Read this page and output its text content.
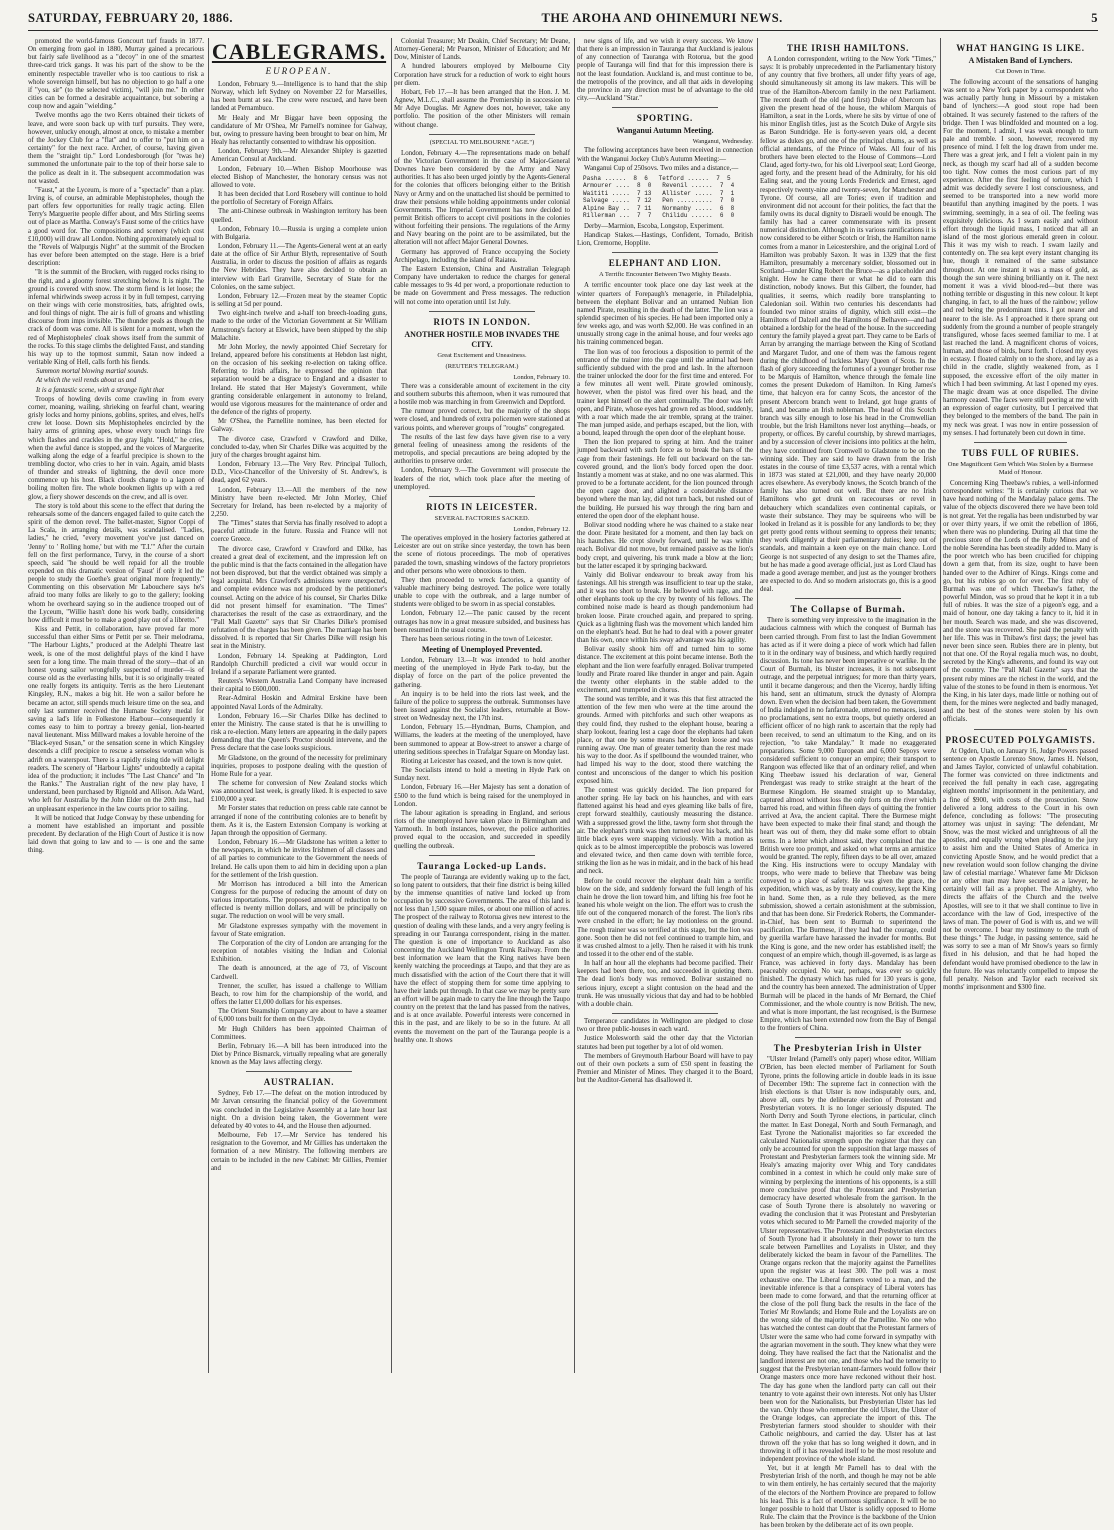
SATURDAY, FEBRUARY 20, 1886.	THE AROHA AND OHINEMURI NEWS.	5

promoted the world-famous Goncourt turf frauds in 1877. On emerging from gaol in 1880, Murray gained a precarious but fairly safe livelihood as a "decoy" in one of the smartest three-card trick gangs. It was his part of the show to be the eminently respectable traveller who is too cautious to risk a whole sovereign himself, but has no objection to go half a one if "you, sir" (to the selected victim), "will join me." In other cities can be formed a desirable acquaintance, but sobering a coup now and again "wielding."

Twelve months ago the two Kerrs obtained their tickets of leave, and were soon back up with turf pursuits. They were, however, unlucky enough, almost at once, to mistake a member of the Jockey Club for a "flat" and to offer to "put him on a certainty" for the next race. Archer, of course, having given them the "straight tip." Lord Londesborough (for "twas he) summoned the unfortunate pair to the top of their horse sale to the police as dealt in it. The subsequent accommodation was not wasted.

"Faust," at the Lyceum, is more of a "spectacle" than a play. Irving is, of course, an admirable Mephistopheles, though the part offers few opportunities for really tragic acting. Ellen Terry's Marguerite people differ about, and Mrs Stirling seems out of place as Martha. Conway's Faust some of the critics have a good word for. The compositions and scenery (which cost £10,000) will draw all London. Nothing approximately equal to the "Revels of Walpurgis Night" at the summit of the Brocken has ever before been attempted on the stage. Here is a brief description:

"It is the summit of the Brocken, with rugged rocks rising to the right, and a gloomy forest stretching below. It is night. The ground is covered with snow. The storm fiend is let loose; the infernal whirlwinds sweep across it by in full tempest, carrying on their wings with cerie monstrosities, bats, afrighted owls, and foul things of night. The air is full of groans and whistling discourse from imps invisible. The thunder peals as though the crack of doom was come. All is silent for a moment, when the red of Mephistopheles' cloak shows itself from the summit of the rocks. To this stage climbs the delighted Faust, and standing his way up to the topmost summit, Satan now indeed a veritable King of Hell, calls forth his fiends.

Summon mortal blowing martial sounds.

At which the veil rends about us and

It is a fantastic scene, with a strange light that

Troops of howling devils come crawling in from every corner, moaning, wailing, shrieking on fearful chant, wearing grisly locks and horny pinions, goblins, sprites, and elves, hell's crew let loose. Down sits Mephistopheles encircled by the hairy arms of grinning apes, whose every touch brings fire which flashes and crackles in the gray light. "Hold," he cries, when the awful dance is stopped, and the voices of Marguerite walking along the edge of a fearful precipice is shown to the trembling doctor, who cries to her in vain. Again, amid blasts of thunder and streaks of lightning, the devil once more commence up his host. Black clouds change to a lagoon of boiling molten fire. The whole bookmen lights up with a red glow, a fiery shower descends on the crew, and all is over.

The story is told about this scene to the effect that during the rehearsals some of the dancers engaged failed to quite catch the spirit of the demon revel. The ballet-master, Signor Coppi of La Scala, in arranging details, was scandalised. "Ladies, ladies," he cried, "every movement you've just danced on 'Jenny' to ' Rolling home,' but with me 'T.I.'" After the curtain fell on the first performance, Turvy, in the course of a short speech, said "he should be well repaid for all the trouble expended on this dramatic version of 'Faust' if only it led the people to study the Goethe's great original more frequently." Commenting on this observation Mr Labouchere says he's afraid too many folks are likely to go to the gallery; looking whom he overheard saying so in the audience trooped out of the Lyceum, "Willie hasn't done his work badly, considering how difficult it must be to make a good play out of a libretto."

Kiss and Pettit, in collaboration, have proved far more successful than either Sims or Pettit per se. Their melodrama, "The Harbour Lights," produced at the Adelphi Theatre last week, is one of the most delightful plays of the kind I have seen for a long time. The main thread of the story—that of an honest young sailor wrongfully suspected of murder—is of course old as the everlasting hills, but it is so originally treated one really forgets its antiquity. Terris as the hero Lieutenant Kingsley, R.N., makes a big hit. He won a sailor before he became an actor, still spends much leisure time on the sea, and only last summer received the Humane Society medal for saving a lad's life in Folkestone Harbour—consequently it comes easy to him to portray a breezy genial, lion-hearted naval lieutenant. Miss Millward makes a lovable heroine of the "Black-eyed Susan," or the sensation scene in which Kingsley descends a cliff precipice to rescue a senseless woman who is adrift on a waterspout. There is a rapidly rising tide will delight readers. The scenery of "Harbour Lights" undoubtedly a capital idea of the production; it includes "The Last Chance" and "In the Ranks." The Australian right of the new play have, I understand, been purchased by Rignold and Allison. Ada Ward, who left for Australia by the John Elder on the 20th inst., had an unpleasant experience in the law courts prior to sailing.

It will be noticed that Judge Conway by these unbending for a moment have established an important and possible precedent. By declaration of the High Court of Justice it is now laid down that going to law and to — is one and the same thing.

CABLEGRAMS.
EUROPEAN.

London, February 9.—Intelligence is to hand that the ship Norway, which left Sydney on November 22 for Marseilles, has been burnt at sea. The crew were rescued, and have been landed at Pernambuco.

Mr Healy and Mr Biggar have been opposing the candidature of Mr O'Shea, Mr Parnell's nominee for Galway, but, owing to pressure having been brought to bear on him, Mr Healy has reluctantly consented to withdraw his opposition.

London, February 9th.—Mr Alexander Shipley is gazetted American Consul at Auckland.

London, February 10.—When Bishop Moorhouse was elected Bishop of Manchester, the honorary census was not allowed to vote.

It has been decided that Lord Rosebery will continue to hold the portfolio of Secretary of Foreign Affairs.

The anti-Chinese outbreak in Washington territory has been quelled.

London, February 10.—Russia is urging a complete union with Bulgaria.

London, February 11.—The Agents-General went at an early date at the office of Sir Arthur Blyth, representative of South Australia, in order to discuss the position of affairs as regards the New Hebrides. They have also decided to obtain an interview with Earl Granville, Secretary of State for the Colonies, on the same subject.

London, February 12.—Frozen meat by the steamer Coptic is selling at 5d per pound.

Two eight-inch twelve and a-half ton breech-loading guns, made to the order of the Victorian Government at Sir William Armstrong's factory at Elswick, have been shipped by the ship Malachite.

Mr John Morley, the newly appointed Chief Secretary for Ireland, appeared before his constituents at Hebdon last night, on the occasion of his seeking re-election on taking office. Referring to Irish affairs, he expressed the opinion that separation would be a disgrace to England and a disaster to Ireland. He stated that Her Majesty's Government, while granting considerable enlargement in autonomy to Ireland, would use vigorous measures for the maintenance of order and the defence of the rights of property.

Mr O'Shea, the Parnellite nominee, has been elected for Galway.

The divorce case, Crawford v Crawford and Dilke, concluded to-day, when Sir Charles Dilke was acquitted by the jury of the charges brought against him.

London, February 13.—The Very Rev. Principal Tulloch, D.D., Vice-Chancellor of the University of St. Andrew's, is dead, aged 62 years.

London, February 13.—All the members of the new Ministry have been re-elected. Mr John Morley, Chief Secretary for Ireland, has been re-elected by a majority of 2,250.

The "Times" states that Servia has finally resolved to adopt a peaceful attitude in the future. Russia and France will not coerce Greece.

The divorce case, Crawford v Crawford and Dilke, has created a great deal of excitement, and the impression left on the public mind is that the facts contained in the allegation have not been disproved, but that the verdict obtained was simply a legal acquittal. Mrs Crawford's admissions were unexpected, and complete evidence was not produced by the petitioner's counsel. Acting on the advice of his counsel, Sir Charles Dilke did not present himself for examination. "The Times" characterises the result of the case as extraordinary, and the "Pall Mall Gazette" says that Sir Charles Dilke's promised refutation of the charges has been given. The marriage has been dissolved. It is reported that Sir Charles Dilke will resign his seat in the Ministry.

London, February 14. Speaking at Paddington, Lord Randolph Churchill predicted a civil war would occur in Ireland if a separate Parliament were granted.

Reuters's Western Australia Land Company have increased their capital to £600,000.

Rear-Admiral Hoskin and Admiral Erskine have been appointed Naval Lords of the Admiralty.

London, February 16.—Sir Charles Dilke has declined to enter the Ministry. The cause stated is that he is unwilling to risk a re-election. Many letters are appearing in the daily papers demanding that the Queen's Proctor should intervene, and the Press declare that the case looks suspicious.

Mr Gladstone, on the ground of the necessity for preliminary inquiries, proposes to postpone dealing with the question of Home Rule for a year.

The scheme for conversion of New Zealand stocks which was announced last week, is greatly liked. It is expected to save £100,000 a year.

Mr Forster states that reduction on press cable rate cannot be arranged if none of the contributing colonies are to benefit by them. As it is, the Eastern Extension Company is working at Japan through the opposition of Germany.

London, February 16.—Mr Gladstone has written a letter to the newspapers, in which he invites Irishmen of all classes and of all parties to communicate to the Government the needs of Ireland. He calls upon them to aid him in deciding upon a plan for the settlement of the Irish question.

Mr Morrison has introduced a bill into the American Congress for the purpose of reducing the amount of duty on various importations. The proposed amount of reduction to be effected is twenty million dollars, and will be principally on sugar. The reduction on wool will be very small.

Mr Gladstone expresses sympathy with the movement in favour of State emigration.

The Corporation of the city of London are arranging for the reception of notables visiting the Indian and Colonial Exhibition.

The death is announced, at the age of 73, of Viscount Cardwell.

Trenner, the sculler, has issued a challenge to William Beach, to row him for the championship of the world, and offers the latter £1,000 dollars for his expenses.

The Orient Steamship Company are about to have a steamer of 6,000 tons built for them on the Clyde.

Mr Hugh Childers has been appointed Chairman of Committees.

Berlin, February 16.—A bill has been introduced into the Diet by Prince Bismarck, virtually repealing what are generally known as the May laws affecting clergy.

AUSTRALIAN.

Sydney, Feb 17.—The defeat on the motion introduced by Mr Jarvan censuring the financial policy of the Government was concluded in the Legislative Assembly at a late hour last night. On a division being taken, the Government were defeated by 40 votes to 44, and the House then adjourned.

Melbourne, Feb 17.—Mr Service has tendered his resignation to the Governor, and Mr Gillies has undertaken the formation of a new Ministry. The following members are certain to be included in the new Cabinet: Mr Gillies, Premier and

Colonial Treasurer; Mr Deakin, Chief Secretary; Mr Deane, Attorney-General; Mr Pearson, Minister of Education; and Mr Dow, Minister of Lands.

A hundred labourers employed by Melbourne City Corporation have struck for a reduction of work to eight hours per diem.

Hobart, Feb 17.—It has been arranged that the Hon. J. M. Agnew, M.L.C., shall assume the Premiership in succession to Mr Adye Douglas. Mr Agnew does not, however, take any portfolio. The position of the other Ministers will remain without change.

(SPECIAL TO MELBOURNE "AGE.")

London, February 4.—The representations made on behalf of the Victorian Government in the case of Major-General Downes have been considered by the Army and Navy authorities. It has also been urged jointly by the Agents-General for the colonies that officers belonging either to the British Navy or Army and on the unattached list should be permitted to draw their pensions while holding appointments under colonial Governments. The Imperial Government has now decided to permit British officers to accept civil positions in the colonies without forfeiting their pensions. The regulations of the Army and Navy bearing on the point are to be assimilated, but the alteration will not affect Major General Downes.

Germany has approved of France occupying the Society Archipelago, including the island of Raiatea.

The Eastern Extension, China and Australian Telegraph Company have undertaken to reduce the charges for general cable messages to 9s 4d per word, a proportionate reduction to be made on Government and Press messages. The reduction will not come into operation until 1st July.

RIOTS IN LONDON.
ANOTHER HOSTILE MOB INVADES THE CITY.
Great Excitement and Uneasiness.
(REUTER'S TELEGRAM.)
London, February 10.

There was a considerable amount of excitement in the city and southern suburbs this afternoon, when it was rumoured that a hostile mob was marching in from Greenwich and Deptford.

The rumour proved correct, but the majority of the shops were closed, and hundreds of extra policemen were stationed at various points, and wherever groups of "roughs" congregated.

The results of the last few days have given rise to a very general feeling of uneasiness among the residents of the metropolis, and special precautions are being adopted by the authorities to preserve order.

London, February 9.—The Government will prosecute the leaders of the riot, which took place after the meeting of unemployed.

RIOTS IN LEICESTER.
SEVERAL FACTORIES SACKED.
London, February 12.

The operatives employed in the hosiery factories gathered at Leicester are out on strike since yesterday, the town has been the scene of riotous proceedings. The mob of operatives paraded the town, smashing windows of the factory proprietors and other persons who were obnoxious to them.

They then proceeded to wreck factories, a quantity of valuable machinery being destroyed. The police were totally unable to cope with the outbreak, and a large number of students were obliged to be sworn in as special constables.

London, February 12.—The panic caused by the recent outrages has now in a great measure subsided, and business has been resumed in the usual course.

There has been serious rioting in the town of Leicester.

Meeting of Unemployed Prevented.

London, February 13.—It was intended to hold another meeting of the unemployed in Hyde Park to-day, but the display of force on the part of the police prevented the gathering.

An inquiry is to be held into the riots last week, and the failure of the police to suppress the outbreak. Summonses have been issued against the Socialist leaders, returnable at Bow-street on Wednesday next, the 17th inst.

London, February 15.—Hyndman, Burns, Champion, and Williams, the leaders at the meeting of the unemployed, have been summoned to appear at Bow-street to answer a charge of uttering seditious speeches in Trafalgar Square on Monday last.

Rioting at Leicester has ceased, and the town is now quiet.

The Socialists intend to hold a meeting in Hyde Park on Sunday next.

London, February 16.—Her Majesty has sent a donation of £500 to the fund which is being raised for the unemployed in London.

The labour agitation is spreading in England, and serious riots of the unemployed have taken place in Birmingham and Yarmouth. In both instances, however, the police authorities proved equal to the occasion, and succeeded in speedily quelling the outbreak.

Tauranga Locked-up Lands.

The people of Tauranga are evidently waking up to the fact, so long patent to outsiders, that their fine district is being killed by the immense quantities of native land locked up from occupation by successive Governments. The area of this land is not less than 1,500 square miles, or about one million of acres. The prospect of the railway to Rotorua gives new interest to the question of dealing with these lands, and a very angry feeling is spreading in our Tauranga correspondent, rising in the matter. The question is one of importance to Auckland as also concerning the Auckland Wellington Trunk Railway. From the best information we learn that the King natives have been keenly watching the proceedings at Taupo, and that they are as much dissatisfied with the action of the Court there that it will have the effect of stopping them for some time applying to have their lands put through. In that case we may be pretty sure an effort will be again made to carry the line through the Taupo country on the pretext that the land has passed from the natives, and is at once available. Powerful interests were concerned in this in the past, and are likely to be so in the future. At all events the movement on the part of the Tauranga people is a healthy one. It shows

new signs of life, and we wish it every success. We know that there is an impression in Tauranga that Auckland is jealous of any connection of Tauranga with Rotorua, but the good people of Tauranga will find that for this impression there is not the least foundation. Auckland is, and must continue to be, the metropolis of the province, and all that aids in developing the province in any direction must be of advantage to the old city.—Auckland "Star."

SPORTING.
Wanganui Autumn Meeting.
Wanganui, Wednesday.

The following acceptances have been received in connection with the Wanganui Jockey Club's Autumn Meeting:—

Wanganui Cup of 250sovs. Two miles and a distance,—

Pasha ......  8  6   Tetford ......  7  5
Armourer ....  8  0   Revenil ......  7  4
Waititi .....  7 13   Allister .....  7  1
Salvage .....  7 12   Pen ..........  7  0
Alpine Bay ..  7 11   Normanby .....  6  8
Rillerman ...  7  7   Chilidu ......  6  0

Derby—Marmion, Escoba, Longstop, Experiment.

Handicap Stakes.—Hastings, Confident, Tornado, British Lion, Cremorne, Hopplite.

ELEPHANT AND LION.
A Terrific Encounter Between Two Mighty Beasts.

A terrific encounter took place one day last week at the winter quarters of Forepaugh's menagerie, in Philadelphia, between the elephant Bolivar and an untamed Nubian lion named Pirate, resulting in the death of the latter. The lion was a splendid specimen of his species. He had been imported only a few weeks ago, and was worth $2,000. He was confined in an unusually strong cage in the animal house, and four weeks ago his training commenced began.

The lion was of too ferocious a disposition to permit of the entrance of the trainer into the cage until the animal had been sufficiently subdued with the prod and lash. In the afternoon the trainer unlocked the door for the first time and entered. For a few minutes all went well. Pirate growled ominously, however, when the pistol was fired over his head, and the trainer kept himself on the alert continually. The door was left open, and Pirate, whose eyes had grown red as blood, suddenly, with a roar which made the air tremble, sprang at the trainer. The man jumped aside, and perhaps escaped, but the lion, with a bound, leaped through the open door of the elephant house.

Then the lion prepared to spring at him. And the trainer jumped backward with such force as to break the bars of the cage from their fastenings. He fell out backward on the tan-covered ground, and the lion's body forced open the door. Instantly a moment was at stake, and no one was alarmed. This proved to be a fortunate accident, for the lion pounced through the open cage door, and alighted a considerable distance beyond where the man lay, did not turn back, but rushed out of the building. He pursued his way through the ring barn and entered the open door of the elephant house.

Bolivar stood nodding where he was chained to a stake near the door. Pirate hesitated for a moment, and then lay back on his haunches. He crept slowly forward, until he was within reach. Bolivar did not move, but remained passive as the lion's body crept, and quivering, his trunk made a blow at the lion; but the latter escaped it by springing backward.

Vainly did Bolivar endeavour to break away from his fastenings. All his strength was insufficient to tear up the stake, and it was too short to break. He bellowed with rage, and the other elephants took up the cry by twenty of his fellows. The combined noise made is heard as though pandemonium had broken loose. Pirate crouched again, and prepared to spring. Quick as a lightning flash was the movement which landed him on the elephant's head. But he had to deal with a power greater than his own, once within his sway advantage was his agility.

Bolivar easily shook him off and turned him to some distance. The excitement at this point became intense. Both the elephant and the lion were fearfully enraged. Bolivar trumpeted loudly and Pirate roared like thunder in anger and pain. Again the twenty other elephants in the stable added to the excitement, and trumpeted in chorus.

The sound was terrible, and it was this that first attracted the attention of the few men who were at the time around the grounds. Armed with pitchforks and such other weapons as they could find, they rushed to the elephant house, bearing a sharp lookout, fearing lest a cage door the elephants had taken place, or that one by some means had broken loose and was running away. One man of greater temerity than the rest made his way to the door. As if spellbound the wounded trainer, who had limped his way to the door, stood there watching the contest and unconscious of the danger to which his position exposed him.

The contest was quickly decided. The lion prepared for another spring. He lay back on his haunches, and with ears flattened against his head and eyes gleaming like balls of fire, crept forward stealthily, cautiously measuring the distance. With a suppressed growl the lithe, tawny form shot through the air. The elephant's trunk was then turned over his back, and his little black eyes were snapping viciously. With a motion as quick as to be almost imperceptible the proboscis was lowered and elevated twice, and then came down with terrible force, striking the lion as he was in midair, and in the back of his head and neck.

Before he could recover the elephant dealt him a terrific blow on the side, and suddenly forward the full length of his chain he drove the lion toward him, and lifting his free foot he leaned his whole weight on the lion. The effort was to crush the life out of the conquered monarch of the forest. The lion's ribs were crushed in the effort; he lay motionless on the ground. The rough trainer was so terrified at this stage, but the lion was gone. Soon then he did not feel continued to trample him, and it was crushed almost to a jelly. Then he raised it with his trunk and tossed it to the other end of the stable.

In half an hour all the elephants had become pacified. Their keepers had been there, too, and succeeded in quieting them. The dead lion's body was removed. Bolivar sustained no serious injury, except a slight contusion on the head and the trunk. He was unusually vicious that day and had to be hobbled with a double chain.

Temperance candidates in Wellington are pledged to close two or three public-houses in each ward.

Justice Molesworth said the other day that the Victorian statutes had been put together by a lot of old women.

The members of Greymouth Harbour Board will have to pay out of their own pockets a sum of £50 spent in feasting the Premier and Minister of Mines. They charged it to the Board, but the Auditor-General has disallowed it.

THE IRISH HAMILTONS.

A London correspondent, writing to the New York "Times," says: It is probably unprecedented in the Parliamentary history of any country that five brothers, all under fifty years of age, should simultaneously sit among its law makers. This will be true of the Hamilton-Abercorn family in the next Parliament. The recent death of the old (and first) Duke of Abercorn has given the present head of the house, the whilom Marquis of Hamilton, a seat in the Lords, where he sits by virtue of one of his minor English titles, just as the Scotch Duke of Argyle sits as Baron Sundridge. He is forty-seven years old, a decent fellow as dukes go, and one of the principal chums, as well as official attendants, of the Prince of Wales. All four of his brothers have been elected to the House of Commons—Lord Claud, aged forty-two, for his old Liverpool seat; Lord George, aged forty, and the present head of the Admiralty, for his old Ealing seat, and the young Lords Frederick and Ernest, aged respectively twenty-nine and twenty-seven, for Manchester and Tyrone. Of course, all are Tories; even if tradition and environment did not account for their politics, the fact that the family owns its ducal dignity to Disraeli would be enough. The family has had a career commensurate with its present numerical distinction. Although in its various ramifications it is now considered to be either Scotch or Irish, the Hamilton name comes from a manor in Leicestershire, and the original Lord of Hamilton was probably Saxon. It was in 1329 that the first Hamilton, presumably a mercenary soldier, blossomed out in Scotland—under King Robert the Bruce—as a placeholder and knight. How he came there or what he did to earn this distinction, nobody knows. But this Gilbert, the founder, had qualities, it seems, which readily bore transplanting to Caledonian soil. Within two centuries his descendants had founded two minor strains of dignity, which still exist—the Hamiltons of Dalzell and the Hamiltons of Belhaven—and had obtained a lordship for the head of the house. In the succeeding century the family played a great part. They came to be Earls of Arran by arranging the marriage between the King of Scotland and Margaret Tudor, and one of them was the famous regent during the childhood of luckless Mary Queen of Scots. In the flash of glory succeeding the fortunes of a younger brother rose to be Marquis of Hamilton, whence through the female line comes the present Dukedom of Hamilton. In King James's time, that halcyon era for canny Scots, the ancestor of the present Abercorn branch went to Ireland, got huge grants of land, and became an Irish nobleman. The head of this Scotch branch was silly enough to lose his head in the Cromwellian trouble, but the Irish Hamiltons never lost anything—heads, or property, or offices. By careful courtship, by shrewd marriages, and by a succession of clever incisions into politics at the helm, they have continued from Cromwell to Gladstone to be on the winning side. They are said to have drawn from the Irish estates in the course of time £3,537 acres, with a rental which in 1873 was stated at £21,000, and they have nearly 20,000 acres elsewhere. As everybody knows, the Scotch branch of the family has also turned out well. But there are no Irish Hamiltons who get drunk on racecourses or revel in debauchery which scandalizes even continental capitals, or waste their substance. They may be squireens who will be looked in Ireland as it is possible for any landlords to be; they get pretty good rents without seeming to oppress their tenants; they work diligently at their parliamentary duties; keep out of scandals, and maintain a keen eye on the main chance. Lord George is not suspected of any design to set the Thames afire, but he has made a good average official, just as Lord Claud has made a good average member, and just as the younger brothers are expected to do. And so modern aristocrats go, this is a good deal.

The Collapse of Burmah.

There is something very impressive to the imagination in the audacious calmness with which the conquest of Burmah has been carried through. From first to last the Indian Government has acted as if it were doing a piece of work which had fallen to it in the ordinary way of business, and which hardly required discussion. Its tone has never been imperative or warlike. In the Court of Burmah, its bluster increases, it is not subsequent outrage, and the perpetual intrigues; for more than thirty years, until it became dangerous; and then the Viceroy, hardly lifting his hand, sent an ultimatum, struck the dynasty of Alompra down. Even when the decision had been taken, the Government of India indulged in no fanfaronade, uttered no menaces, issued no proclamations, sent no extra troops, but quietly ordered an efficient officer of no high rank to ascertain that the reply had been received, to send an ultimatum to the King, and on its rejection, "to take Mandalay." It made no exaggerated preparations. Some 9,000 European and 6,000 Sepoys were considered sufficient to conquer an empire; their transport to Rangoon was effected like that of an ordinary relief, and when King Theebaw issued his declaration of war, General Prendergast was ready to strike straight at the heart of the Burmese Kingdom. He steamed straight up to Mandalay, captured almost without loss the only forts on the river which barred his road, and within fifteen days of quitting the frontier arrived at Ava, the ancient capital. There the Burmese might have been expected to make their final stand; and though the heart was out of them, they did make some effort to obtain terms. In a letter which almost said, they complained that the British were too prompt, and asked on what terms an armistice would be granted. The reply, fifteen days to be all over, amazed the King. His instructions were to occupy Mandalay with troops, who were made to believe that Theebaw was being conveyed to a place of safety. He was given the grace, the expedition, which was, as by treaty and courtesy, kept the King in hand. Some then, as a rule they believed, as the mere submission, showed a certain astonishment at the submission, and that has been done. Sir Frederick Roberts, the Commander-in-Chief, has been sent to Burmah to superintend the pacification. The Burmese, if they had had the courage, could by guerilla warfare have harassed the invader for months. But the King is gone, and the new order has established itself; the conquest of an empire which, though ill-governed, is as large as France, was achieved in forty days. Mandalay has been peaceably occupied. No war, perhaps, was ever so quickly finished. The dynasty which has ruled for 130 years is gone, and the country has been annexed. The administration of Upper Burmah will be placed in the hands of Mr Bernard, the Chief Commissioner, and the whole country is now British. The new, and what is more important, the last recognised, is the Burmese Empire, which has been extended now from the Bay of Bengal to the frontiers of China.

The Presbyterian Irish in Ulster

"Ulster Ireland (Parnell's only paper) whose editor, William O'Brien, has been elected member of Parliament for South Tyrone, prints the following article in double leads in its issue of December 19th: The supreme fact in connection with the Irish elections is that Ulster is now indisputably ours, and, above all, ours by the deliberate election of Protestant and Presbyterian voters. It is no longer seriously disputed. The North Derry and South Tyrone elections, in particular, clinch the matter. In East Donegal, North and South Fermanagh, and East Tyrone the Nationalist majorities so far exceeded the calculated Nationalist strength upon the register that they can only be accounted for upon the supposition that large masses of Protestant and Presbyterian farmers took the winning side. Mr Healy's amazing majority over Whig and Tory candidates combined in a contest in which he could only make sure of winning by perplexing the intentions of his opponents, is a still more conclusive proof that the Protestant and Presbyterian democracy have deserted wholesale from the garrison. In the case of South Tyrone there is absolutely no wavering or evading the conclusion that it was Protestant and Presbyterian votes which secured to Mr Parnell the crowded majority of the Ulster representatives. The Protestant and Presbyterian electors of South Tyrone had it absolutely in their power to turn the scale between Parnellites and Loyalists in Ulster, and they deliberately kicked the beam in favour of the Parnellites. The Orange organs reckon that the majority against the Parnellites upon the register was at least 300. The poll was a most exhaustive one. The Liberal farmers voted to a man, and the inevitable inference is that a conspiracy of Liberal voters has been made to come forward, and that the returning officer at the close of the poll flung back the results in the face of the Tories' Mr Rowlands; and Home Rule and the Loyalists are on the wrong side of the majority of the Parnellite. No one who has watched the contest can doubt that the Protestant farmers of Ulster were the same who had come forward in sympathy with the agrarian movement in the south. They knew what they were doing. They have realised the fact that the Nationalist and the landlord interest are not one, and those who had the temerity to suggest that the Presbyterian tenant-farmers would follow their Orange masters once more have reckoned without their host. The day has gone when the landlord party can call out their tenantry to vote against their own interests. Not only has Ulster been won for the Nationalists, but Presbyterian Ulster has led the van. Only those who remember the old Ulster, the Ulster of the Orange lodges, can appreciate the import of this. The Presbyterian farmers stood shoulder to shoulder with their Catholic neighbours, and carried the day. Ulster has at last thrown off the yoke that has so long weighed it down, and in throwing it off it has revealed itself to be the most resolute and independent province of the whole island.

Yet, but it at length Mr Parnell has to deal with the Presbyterian Irish of the north, and though he may not be able to win them entirely, he has certainly secured that the majority of the electors of the Northern Province are prepared to follow his lead. This is a fact of enormous significance. It will be no longer possible to hold that Ulster is solidly opposed to Home Rule. The claim that the Province is the backbone of the Union has been broken by the deliberate act of its own people.

WHAT HANGING IS LIKE.
A Mistaken Band of Lynchers.
Cut Down in Time.

The following account of the sensations of hanging was sent to a New York paper by a correspondent who was actually partly hung in Missouri by a mistaken band of lynchers:—A good stout rope had been obtained. It was securely fastened to the rafters of the bridge. Then I was blindfolded and mounted on a log. For the moment, I admit, I was weak enough to turn pale and tremble. I soon, however, recovered my presence of mind. I felt the log drawn from under me. There was a great jerk, and I felt a violent pain in my neck, as though my scarf had all of a sudden become too tight. Now comes the most curious part of my experience. After the first feeling of torture, which I admit was decidedly severe I lost consciousness, and seemed to be transported into a new world more beautiful than anything imagined by the poets. I was swimming, seemingly, in a sea of oil. The feeling was exquisitely delicious. As I swam easily and without effort through the liquid mass, I noticed that all an island of the most glorious emerald green in colour. This it was my wish to reach. I swam lazily and contentedly on. The sea kept every instant changing its hue, though it remained of the same substance throughout. At one instant it was a mass of gold, as though the sun were shining brilliantly on it. The next moment it was a vivid blood-red—but there was nothing terrible or disgusting in this new colour. It kept changing, in fact, to all the hues of the rainbow; yellow and red being the predominant tints. I got nearer and nearer to the isle. As I approached it there sprang out suddenly from the ground a number of people strangely transfigured, whose faces seemed familiar to me. I at last reached the land. A magnificent chorus of voices, human, and those of birds, burst forth. I closed my eyes in ecstasy. I floated calmly on to the shore, and lay as a child in the cradle, slightly weakened from, as I supposed, the excessive effort of the oily matter in which I had been swimming. At last I opened my eyes. The magic dream was at once dispelled. The divine harmony ceased. The faces were still peering at me with an expression of eager curiosity, but I perceived that they belonged to the members of the band. The pain in my neck was great. I was now in entire possession of my senses. I had fortunately been cut down in time.

TUBS FULL OF RUBIES.
One Magnificent Gem Which Was Stolen by a Burmese Maid of Honour.

Concerning King Theebaw's rubies, a well-informed correspondent writes: "It is certainly curious that we have heard nothing of the Mandalay palace gems. The value of the objects discovered there we have been told is not great. Yet the regalia has been undisturbed by war or over thirty years, if we omit the rebellion of 1866, when there was no plundering. During all that time the precious store of the Lords of the Ruby Mines and of the noble Serendina has been steadily added to. Many is the poor wretch who has been crucified for chipping down a gem that, from its size, ought to have been handed over to the Adhirer of Kings. Kings come and go, but his rubies go on for ever. The first ruby of Burmah was one of which Theebaw's father, the powerful Mindon, was so proud that he kept it in a tub full of rubies. It was the size of a pigeon's egg, and a maid of honour, one day taking a fancy to it, hid it in her mouth. Search was made, and she was discovered, and the stone was recovered. She paid the penalty with her life. This was in Thibaw's first days; the jewel has never been since seen. Rubies there are in plenty, but not that one. Of the Royal regalia much was, no doubt, secreted by the King's adherents, and found its way out of the country. The "Pall Mall Gazette" says that the present ruby mines are the richest in the world, and the value of the stones to be found in them is enormous. Yet the King, in his later days, made little or nothing out of them, for the mines were neglected and badly managed, and the best of the stones were stolen by his own officials.

PROSECUTED POLYGAMISTS.

At Ogden, Utah, on January 16, Judge Powers passed sentence on Apostle Lorenzo Snow, James H. Nelson, and James Taylor, convicted of unlawful cohabitation. The former was convicted on three indictments and received the full penalty in each case, aggregating eighteen months' imprisonment in the penitentiary, and a fine of $900, with costs of the prosecution. Snow delivered a long address to the Court in his own defence, concluding as follows: "The prosecuting attorney was unjust in saying: 'The defendant, Mr Snow, was the most wicked and unrighteous of all the apostles, and equally wrong when pleading to the jury to assist him and the United States of America in convicting Apostle Snow, and he would predict that a new revelation would soon follow changing the divine law of celestial marriage.' Whatever fame Mr Dickson or any other man may have secured as a lawyer, he certainly will fail as a prophet. The Almighty, who directs the affairs of the Church and the twelve Apostles, will see to it that we shall continue to live in accordance with the law of God, irrespective of the laws of man. The power of God is with us, and we will not be overcome. I bear my testimony to the truth of these things." The Judge, in passing sentence, said he was sorry to see a man of Mr Snow's years so firmly fixed in his delusion, and that he had hoped the defendant would have promised obedience to the law in the future. He was reluctantly compelled to impose the full penalty. Nelson and Taylor each received six months' imprisonment and $300 fine.
